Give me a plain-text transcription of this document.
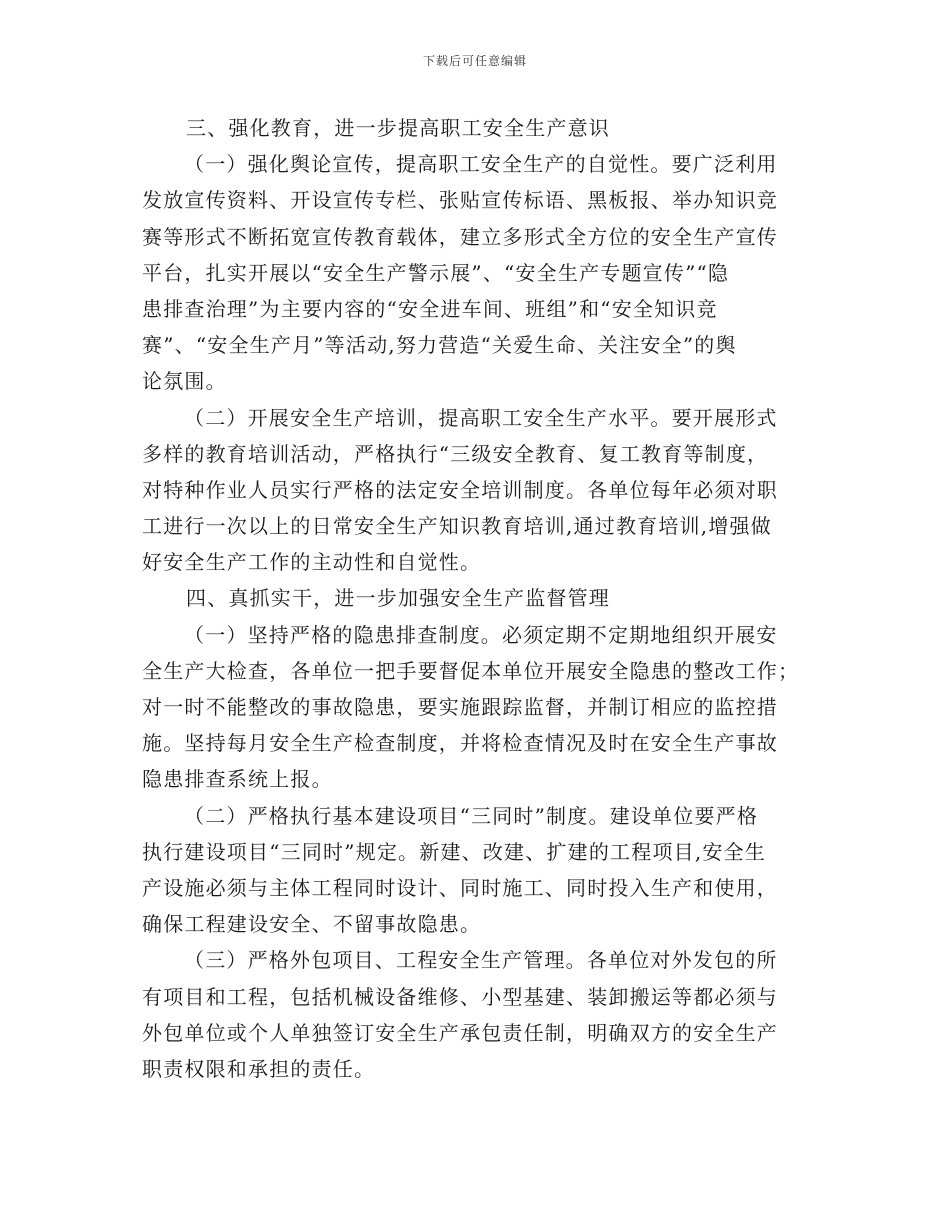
下载后可任意编辑
三、强化教育，进一步提高职工安全生产意识
（一）强化舆论宣传，提高职工安全生产的自觉性。要广泛利用
发放宣传资料、开设宣传专栏、张贴宣传标语、黑板报、举办知识竞
赛等形式不断拓宽宣传教育载体，建立多形式全方位的安全生产宣传
平台，扎实开展以“安全生产警示展”、“安全生产专题宣传”“隐
患排查治理”为主要内容的“安全进车间、班组”和“安全知识竞
赛”、“安全生产月”等活动,努力营造“关爱生命、关注安全”的舆
论氛围。
（二）开展安全生产培训，提高职工安全生产水平。要开展形式
多样的教育培训活动，严格执行“三级安全教育、复工教育等制度，
对特种作业人员实行严格的法定安全培训制度。各单位每年必须对职
工进行一次以上的日常安全生产知识教育培训,通过教育培训,增强做
好安全生产工作的主动性和自觉性。
四、真抓实干，进一步加强安全生产监督管理
（一）坚持严格的隐患排查制度。必须定期不定期地组织开展安
全生产大检查，各单位一把手要督促本单位开展安全隐患的整改工作；
对一时不能整改的事故隐患，要实施跟踪监督，并制订相应的监控措
施。坚持每月安全生产检查制度，并将检查情况及时在安全生产事故
隐患排查系统上报。
（二）严格执行基本建设项目“三同时”制度。建设单位要严格
执行建设项目“三同时”规定。新建、改建、扩建的工程项目,安全生
产设施必须与主体工程同时设计、同时施工、同时投入生产和使用，
确保工程建设安全、不留事故隐患。
（三）严格外包项目、工程安全生产管理。各单位对外发包的所
有项目和工程，包括机械设备维修、小型基建、装卸搬运等都必须与
外包单位或个人单独签订安全生产承包责任制，明确双方的安全生产
职责权限和承担的责任。
